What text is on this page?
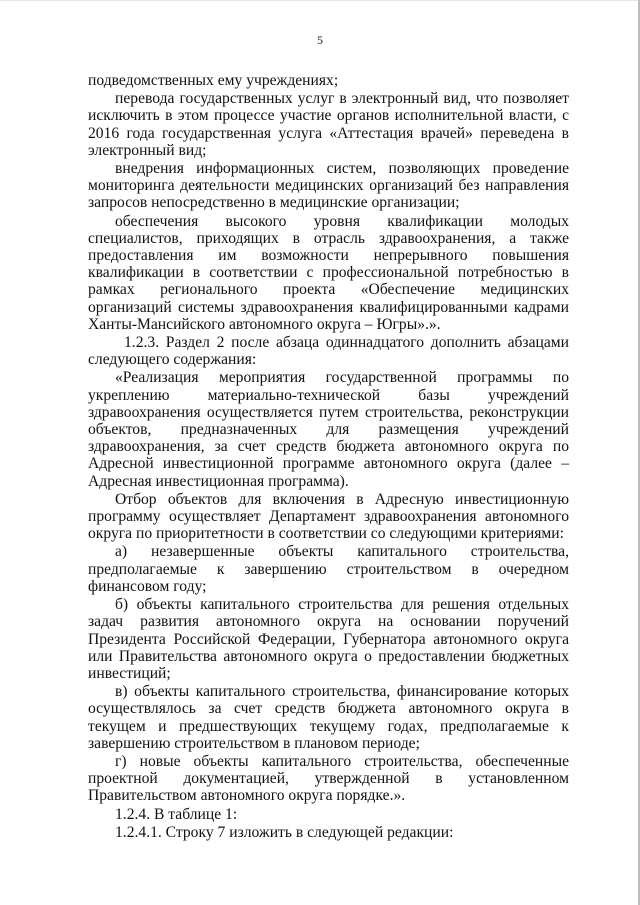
5

подведомственных ему учреждениях;

перевода государственных услуг в электронный вид, что позволяет исключить в этом процессе участие органов исполнительной власти, с 2016 года государственная услуга «Аттестация врачей» переведена в электронный вид;

внедрения информационных систем, позволяющих проведение мониторинга деятельности медицинских организаций без направления запросов непосредственно в медицинские организации;

обеспечения высокого уровня квалификации молодых специалистов, приходящих в отрасль здравоохранения, а также предоставления им возможности непрерывного повышения квалификации в соответствии с профессиональной потребностью в рамках регионального проекта «Обеспечение медицинских организаций системы здравоохранения квалифицированными кадрами Ханты-Мансийского автономного округа – Югры».».

1.2.3. Раздел 2 после абзаца одиннадцатого дополнить абзацами следующего содержания:

«Реализация мероприятия государственной программы по укреплению материально-технической базы учреждений здравоохранения осуществляется путем строительства, реконструкции объектов, предназначенных для размещения учреждений здравоохранения, за счет средств бюджета автономного округа по Адресной инвестиционной программе автономного округа (далее – Адресная инвестиционная программа).

Отбор объектов для включения в Адресную инвестиционную программу осуществляет Департамент здравоохранения автономного округа по приоритетности в соответствии со следующими критериями:

а) незавершенные объекты капитального строительства, предполагаемые к завершению строительством в очередном финансовом году;

б) объекты капитального строительства для решения отдельных задач развития автономного округа на основании поручений Президента Российской Федерации, Губернатора автономного округа или Правительства автономного округа о предоставлении бюджетных инвестиций;

в) объекты капитального строительства, финансирование которых осуществлялось за счет средств бюджета автономного округа в текущем и предшествующих текущему годах, предполагаемые к завершению строительством в плановом периоде;

г) новые объекты капитального строительства, обеспеченные проектной документацией, утвержденной в установленном Правительством автономного округа порядке.».

1.2.4. В таблице 1:

1.2.4.1. Строку 7 изложить в следующей редакции:
